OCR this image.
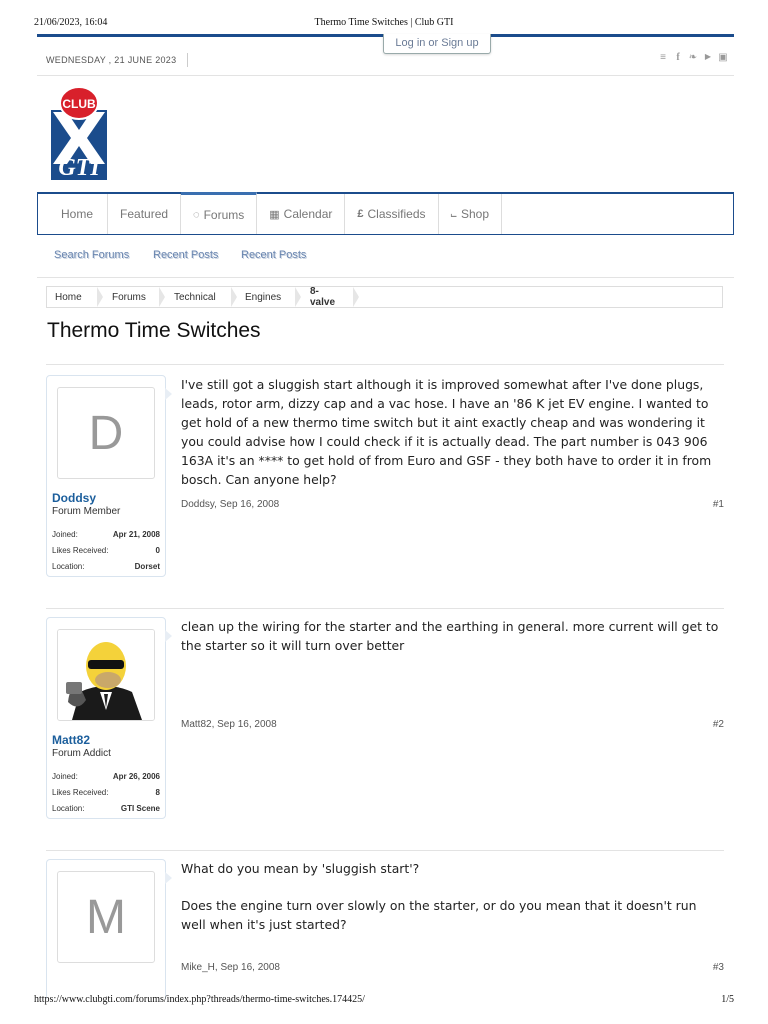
21/06/2023, 16:04	Thermo Time Switches | Club GTI
Log in or Sign up
WEDNESDAY , 21 JUNE 2023	≡	f ❧ ▶ ▣
CLUB
GTI
Home Featured ◌ Forums ▦ Calendar £ Classifieds ⨽ Shop
Search Forums Recent Posts Recent Posts
Home	Forums	Technical	Engines	8-valve
Thermo Time Switches
D
Doddsy
Forum Member
Joined:	Apr 21, 2008
Likes Received:	0
Location:	Dorset

I've still got a sluggish start although it is improved somewhat after I've done plugs, leads, rotor arm, dizzy cap and a vac hose. I have an '86 K jet EV engine. I wanted to get hold of a new thermo time switch but it aint exactly cheap and was wondering it you could advise how I could check if it is actually dead. The part number is 043 906 163A it's an **** to get hold of from Euro and GSF - they both have to order it in from bosch. Can anyone help?

Doddsy, Sep 16, 2008	#1
Matt82
Forum Addict
Joined:	Apr 26, 2006
Likes Received:	8
Location:	GTI Scene

clean up the wiring for the starter and the earthing in general. more current will get to the starter so it will turn over better

Matt82, Sep 16, 2008	#2
M

What do you mean by 'sluggish start'?

Does the engine turn over slowly on the starter, or do you mean that it doesn't run well when it's just started?

Mike_H, Sep 16, 2008	#3
https://www.clubgti.com/forums/index.php?threads/thermo-time-switches.174425/	1/5
